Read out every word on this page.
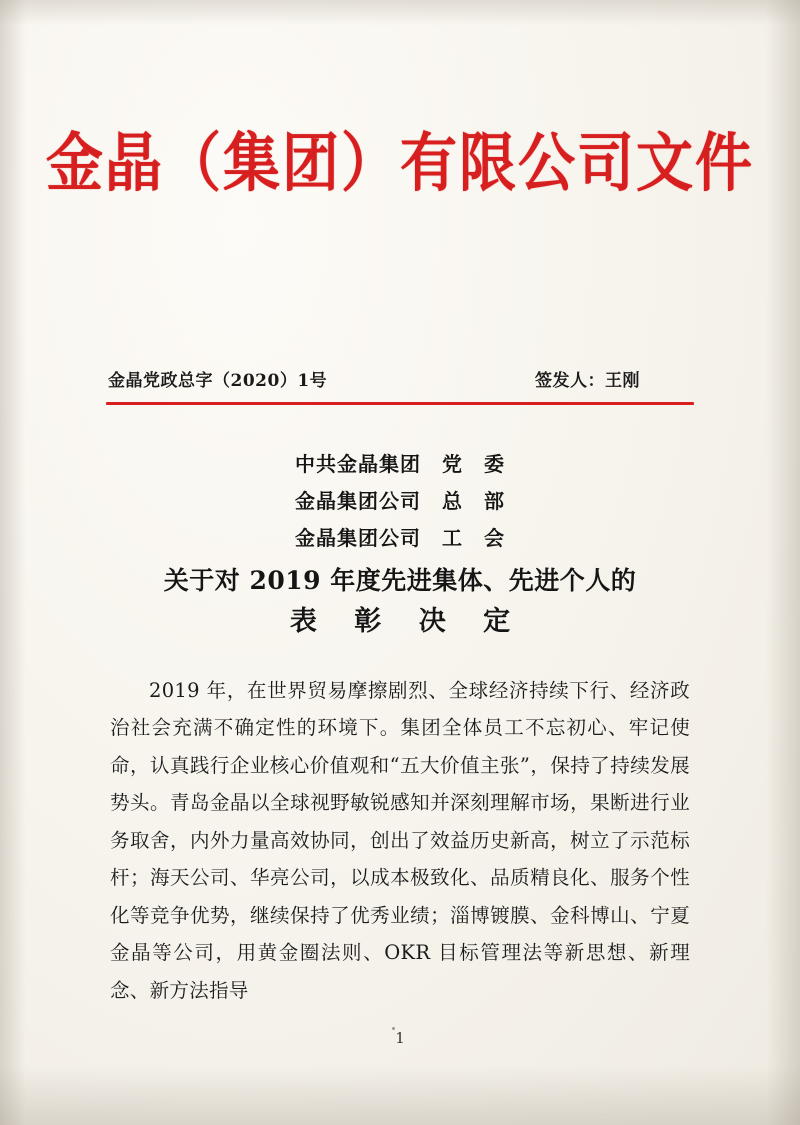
金晶（集团）有限公司文件
金晶党政总字（2020）1号	签发人：王刚
中共金晶集团　党　委
金晶集团公司　总　部
金晶集团公司　工　会
关于对 2019 年度先进集体、先进个人的
表 彰 决 定

2019 年，在世界贸易摩擦剧烈、全球经济持续下行、经济政治社会充满不确定性的环境下。集团全体员工不忘初心、牢记使命，认真践行企业核心价值观和“五大价值主张”，保持了持续发展势头。青岛金晶以全球视野敏锐感知并深刻理解市场，果断进行业务取舍，内外力量高效协同，创出了效益历史新高，树立了示范标杆；海天公司、华亮公司，以成本极致化、品质精良化、服务个性化等竞争优势，继续保持了优秀业绩；淄博镀膜、金科博山、宁夏金晶等公司，用黄金圈法则、OKR 目标管理法等新思想、新理念、新方法指导

1
